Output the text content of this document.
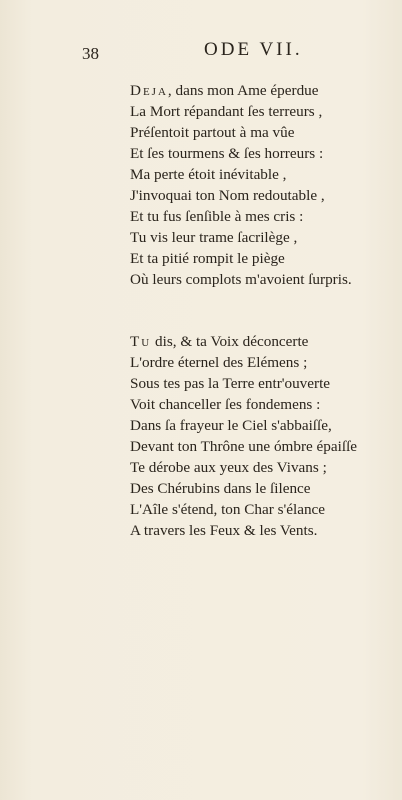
38	ODE VII.
Deja, dans mon Ame éperdue
La Mort répandant ſes terreurs ,
Préſentoit partout à ma vûe
Et ſes tourmens & ſes horreurs :
Ma perte étoit inévitable ,
J'invoquai ton Nom redoutable ,
Et tu fus ſenſible à mes cris :
Tu vis leur trame ſacrilège ,
Et ta pitié rompit le piège
Où leurs complots m'avoient ſurpris.
Tu dis, & ta Voix déconcerte
L'ordre éternel des Elémens ;
Sous tes pas la Terre entr'ouverte
Voit chanceller ſes fondemens :
Dans ſa frayeur le Ciel s'abbaiſſe,
Devant ton Thrône une ómbre épaiſſe
Te dérobe aux yeux des Vivans ;
Des Chérubins dans le ſilence
L'Aîle s'étend, ton Char s'élance
A travers les Feux & les Vents.
